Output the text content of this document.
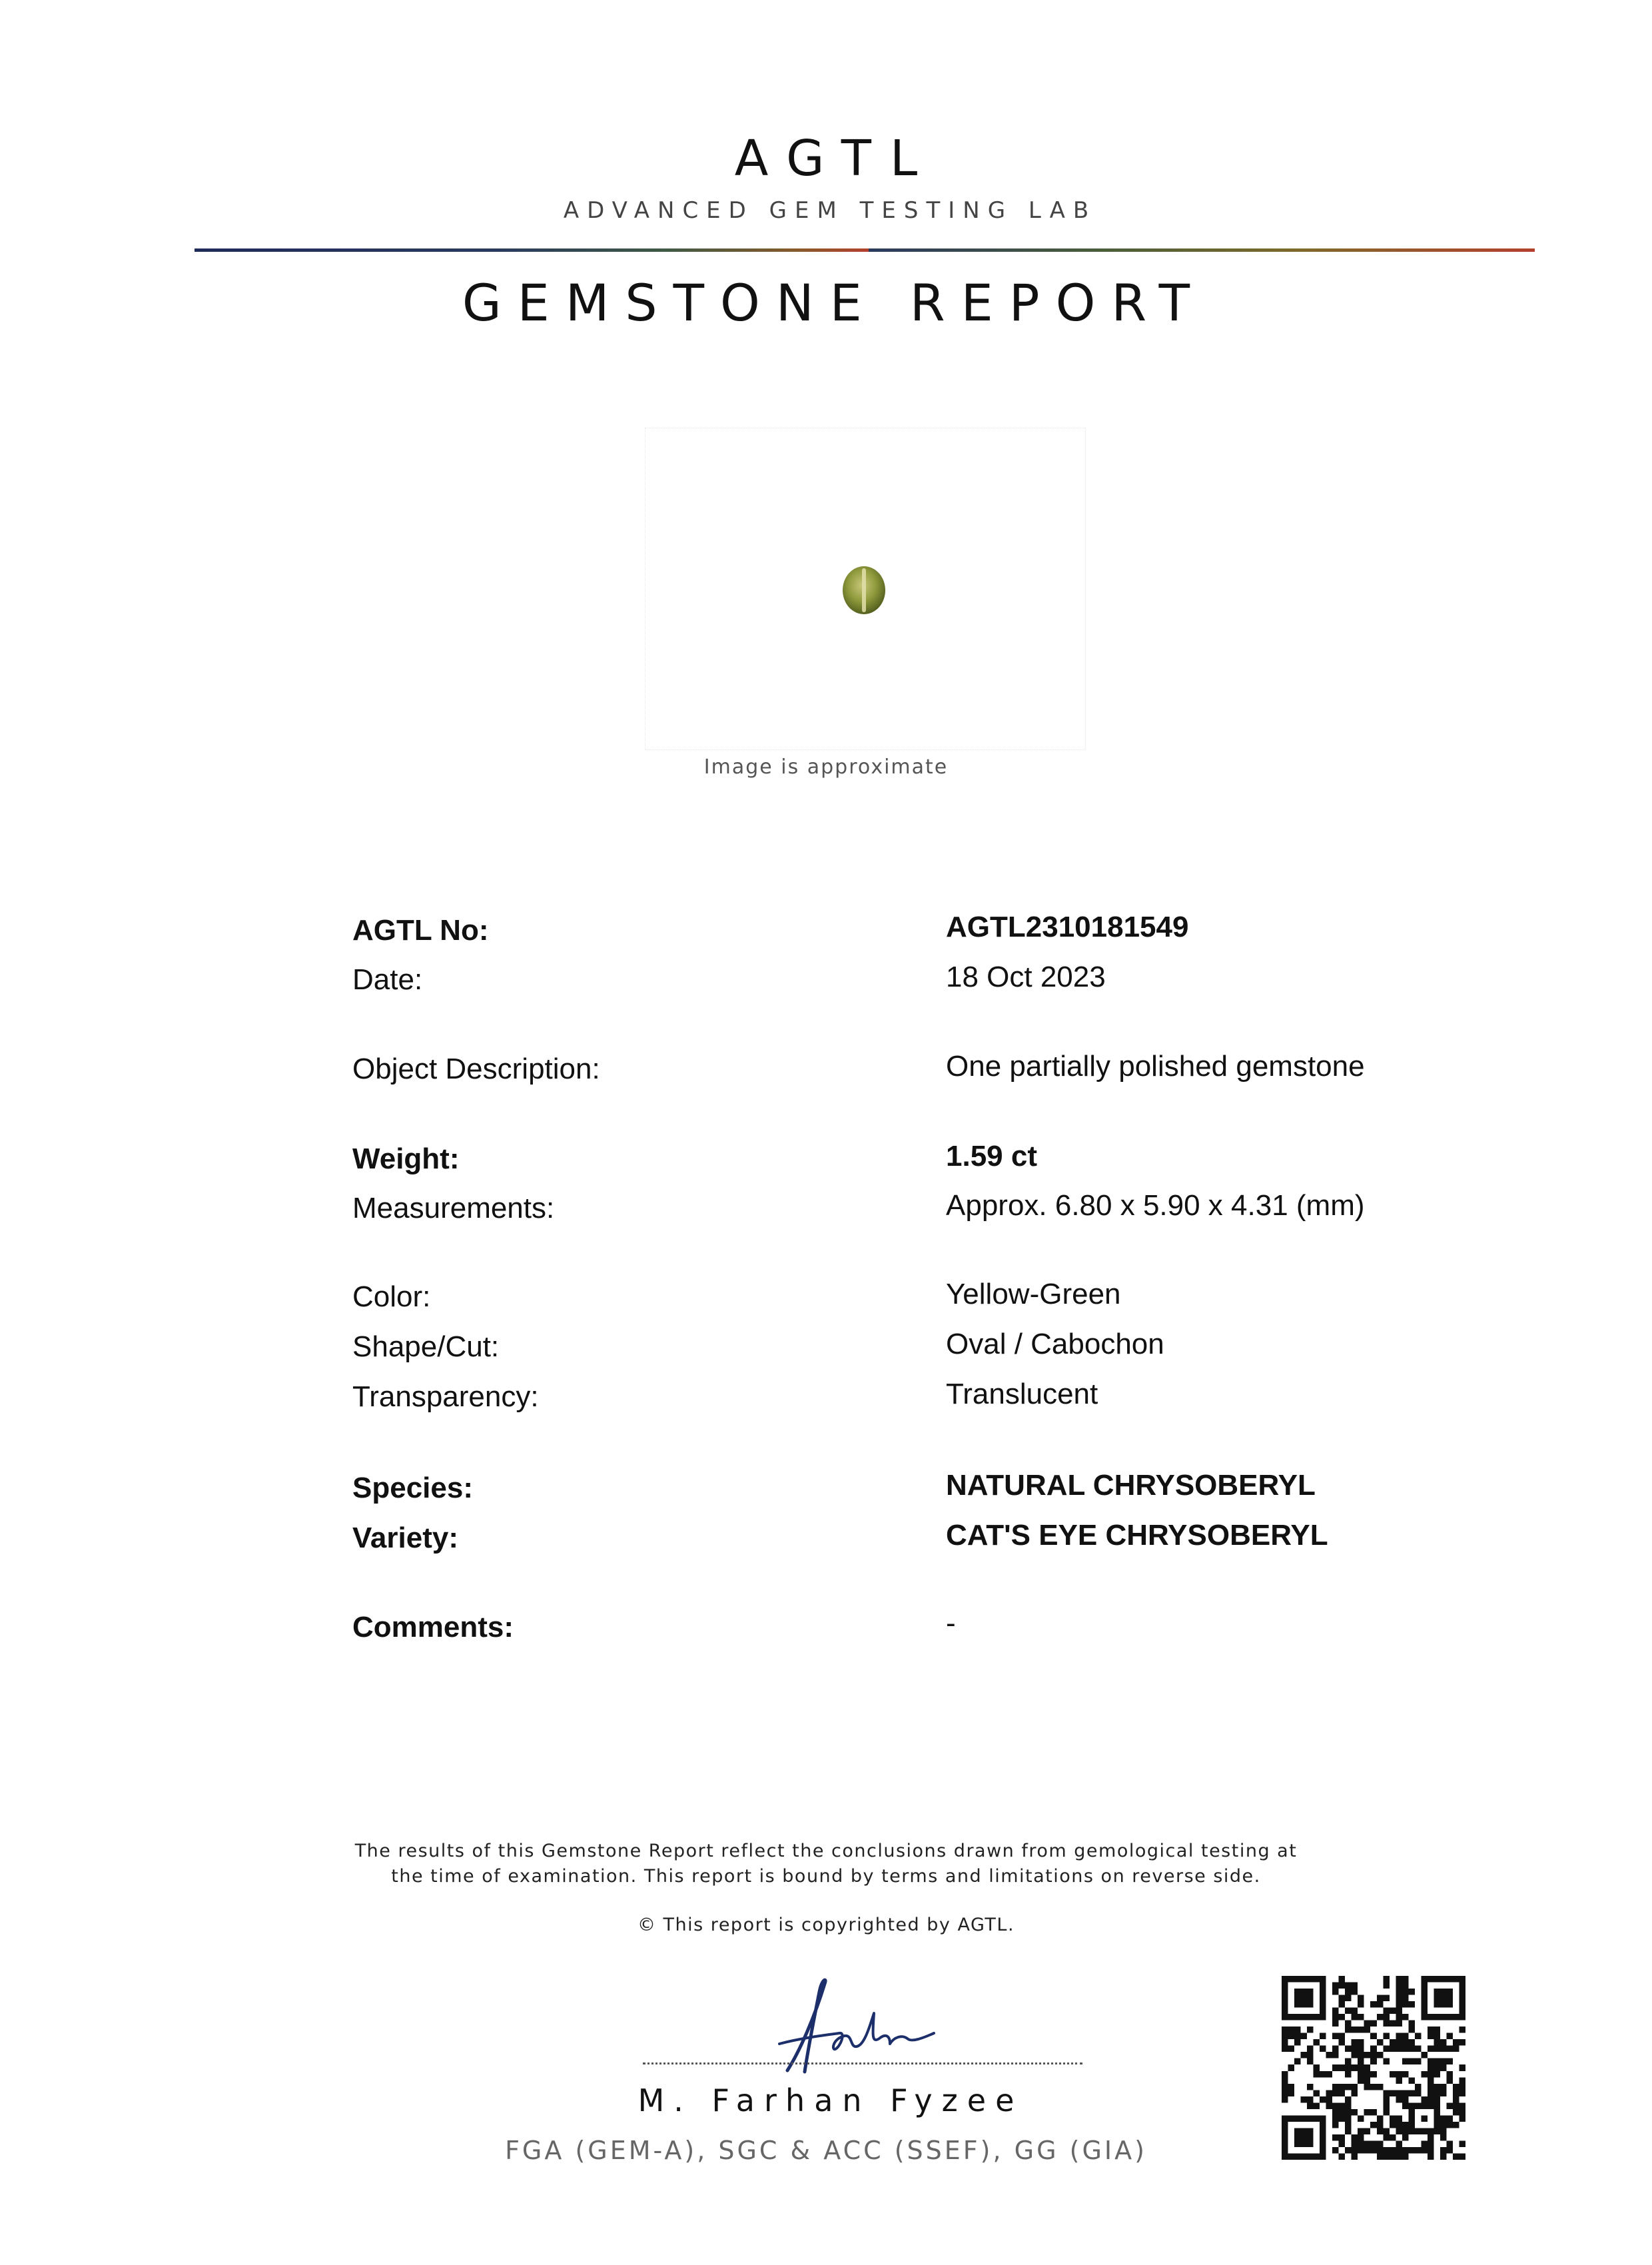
AGTL
ADVANCED GEM TESTING LAB
GEMSTONE REPORT
Image is approximate
AGTL No:	AGTL2310181549
Date:	18 Oct 2023
Object Description:	One partially polished gemstone
Weight:	1.59 ct
Measurements:	Approx. 6.80 x 5.90 x 4.31 (mm)
Color:	Yellow-Green
Shape/Cut:	Oval / Cabochon
Transparency:	Translucent
Species:	NATURAL CHRYSOBERYL
Variety:	CAT'S EYE CHRYSOBERYL
Comments:	-
The results of this Gemstone Report reflect the conclusions drawn from gemological testing at
the time of examination. This report is bound by terms and limitations on reverse side.
© This report is copyrighted by AGTL.
M. Farhan Fyzee
FGA (GEM-A), SGC & ACC (SSEF), GG (GIA)
